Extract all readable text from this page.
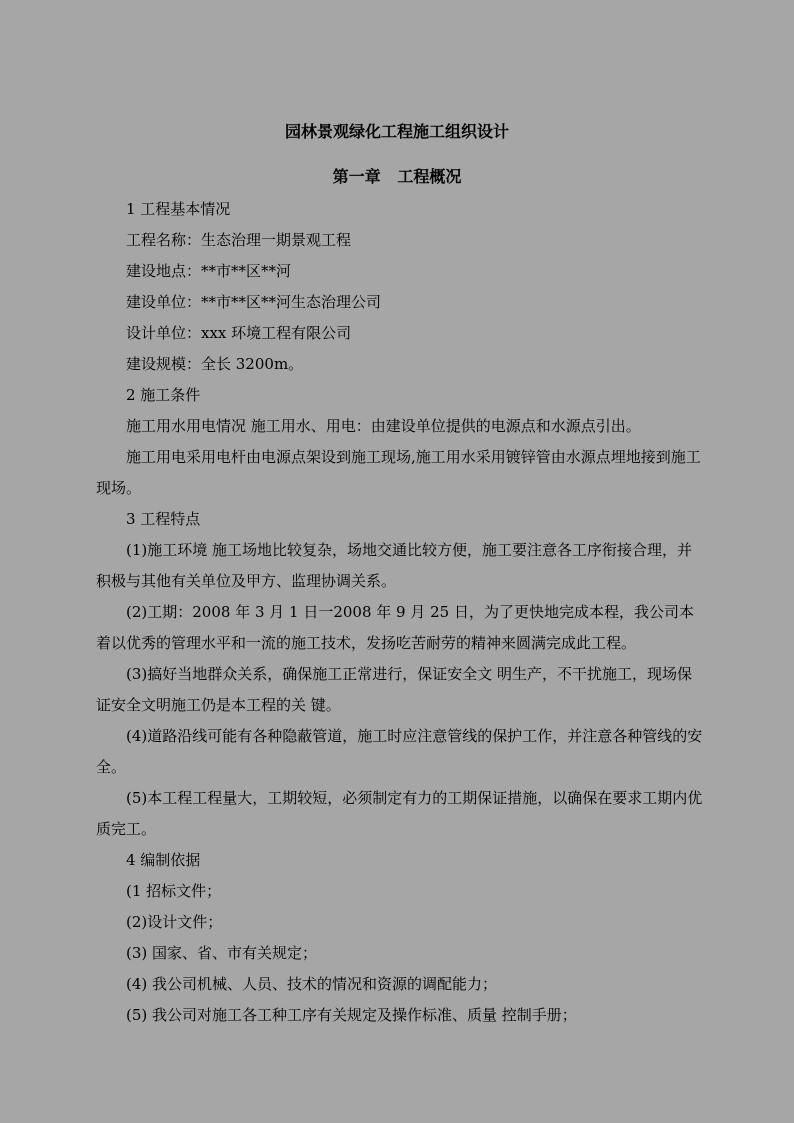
园林景观绿化工程施工组织设计
第一章   工程概况

1 工程基本情况

工程名称：生态治理一期景观工程

建设地点：**市**区**河

建设单位：**市**区**河生态治理公司

设计单位：xxx 环境工程有限公司

建设规模：全长 3200m。

2 施工条件

施工用水用电情况 施工用水、用电：由建设单位提供的电源点和水源点引出。

施工用电采用电杆由电源点架设到施工现场,施工用水采用镀锌管由水源点埋地接到施工现场。

3 工程特点

(1)施工环境 施工场地比较复杂，场地交通比较方便，施工要注意各工序衔接合理，并积极与其他有关单位及甲方、监理协调关系。

(2)工期：2008 年 3 月 1 日一2008 年 9 月 25 日，为了更快地完成本程，我公司本着以优秀的管理水平和一流的施工技术，发扬吃苦耐劳的精神来圆满完成此工程。

(3)搞好当地群众关系，确保施工正常进行，保证安全文 明生产，不干扰施工，现场保证安全文明施工仍是本工程的关 键。

(4)道路沿线可能有各种隐蔽管道，施工时应注意管线的保护工作，并注意各种管线的安全。

(5)本工程工程量大，工期较短，必须制定有力的工期保证措施，以确保在要求工期内优质完工。

4 编制依据

(1 招标文件；

(2)设计文件；

(3) 国家、省、市有关规定；

(4) 我公司机械、人员、技术的情况和资源的调配能力；

(5) 我公司对施工各工种工序有关规定及操作标准、质量 控制手册；
